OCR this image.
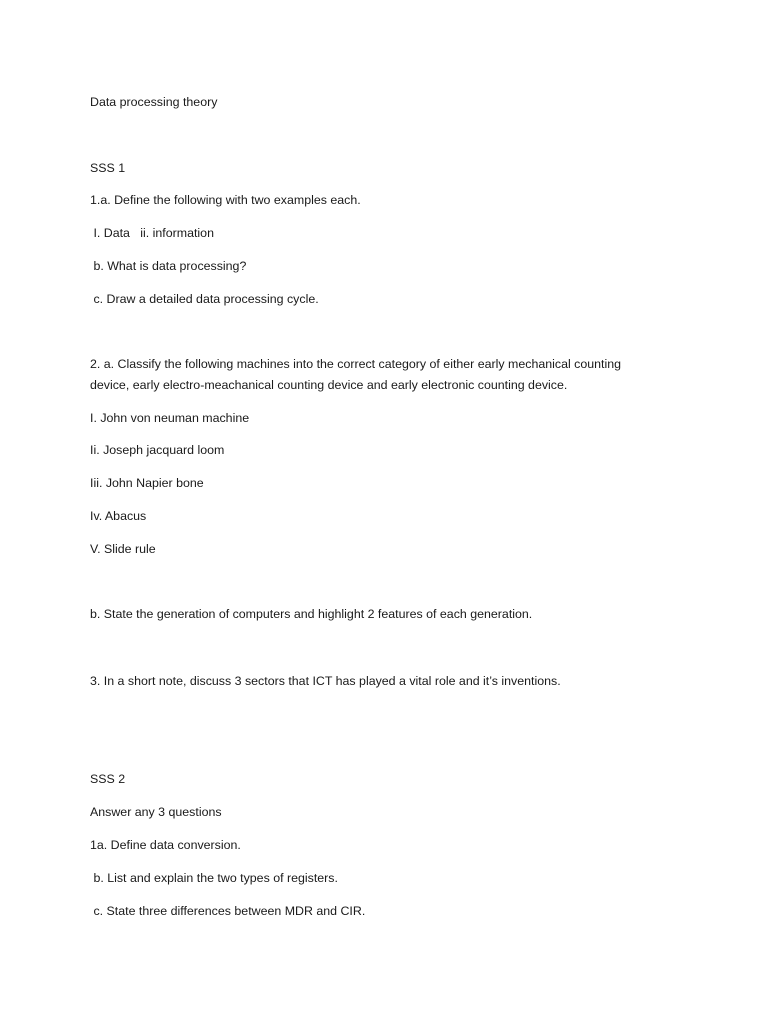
Data processing theory
SSS 1
1.a. Define the following with two examples each.
I. Data   ii. information
b. What is data processing?
c. Draw a detailed data processing cycle.
2. a. Classify the following machines into the correct category of either early mechanical counting device, early electro-meachanical counting device and early electronic counting device.
I. John von neuman machine
Ii. Joseph jacquard loom
Iii. John Napier bone
Iv. Abacus
V. Slide rule
b. State the generation of computers and highlight 2 features of each generation.
3. In a short note, discuss 3 sectors that ICT has played a vital role and it’s inventions.
SSS 2
Answer any 3 questions
1a. Define data conversion.
b. List and explain the two types of registers.
c. State three differences between MDR and CIR.
